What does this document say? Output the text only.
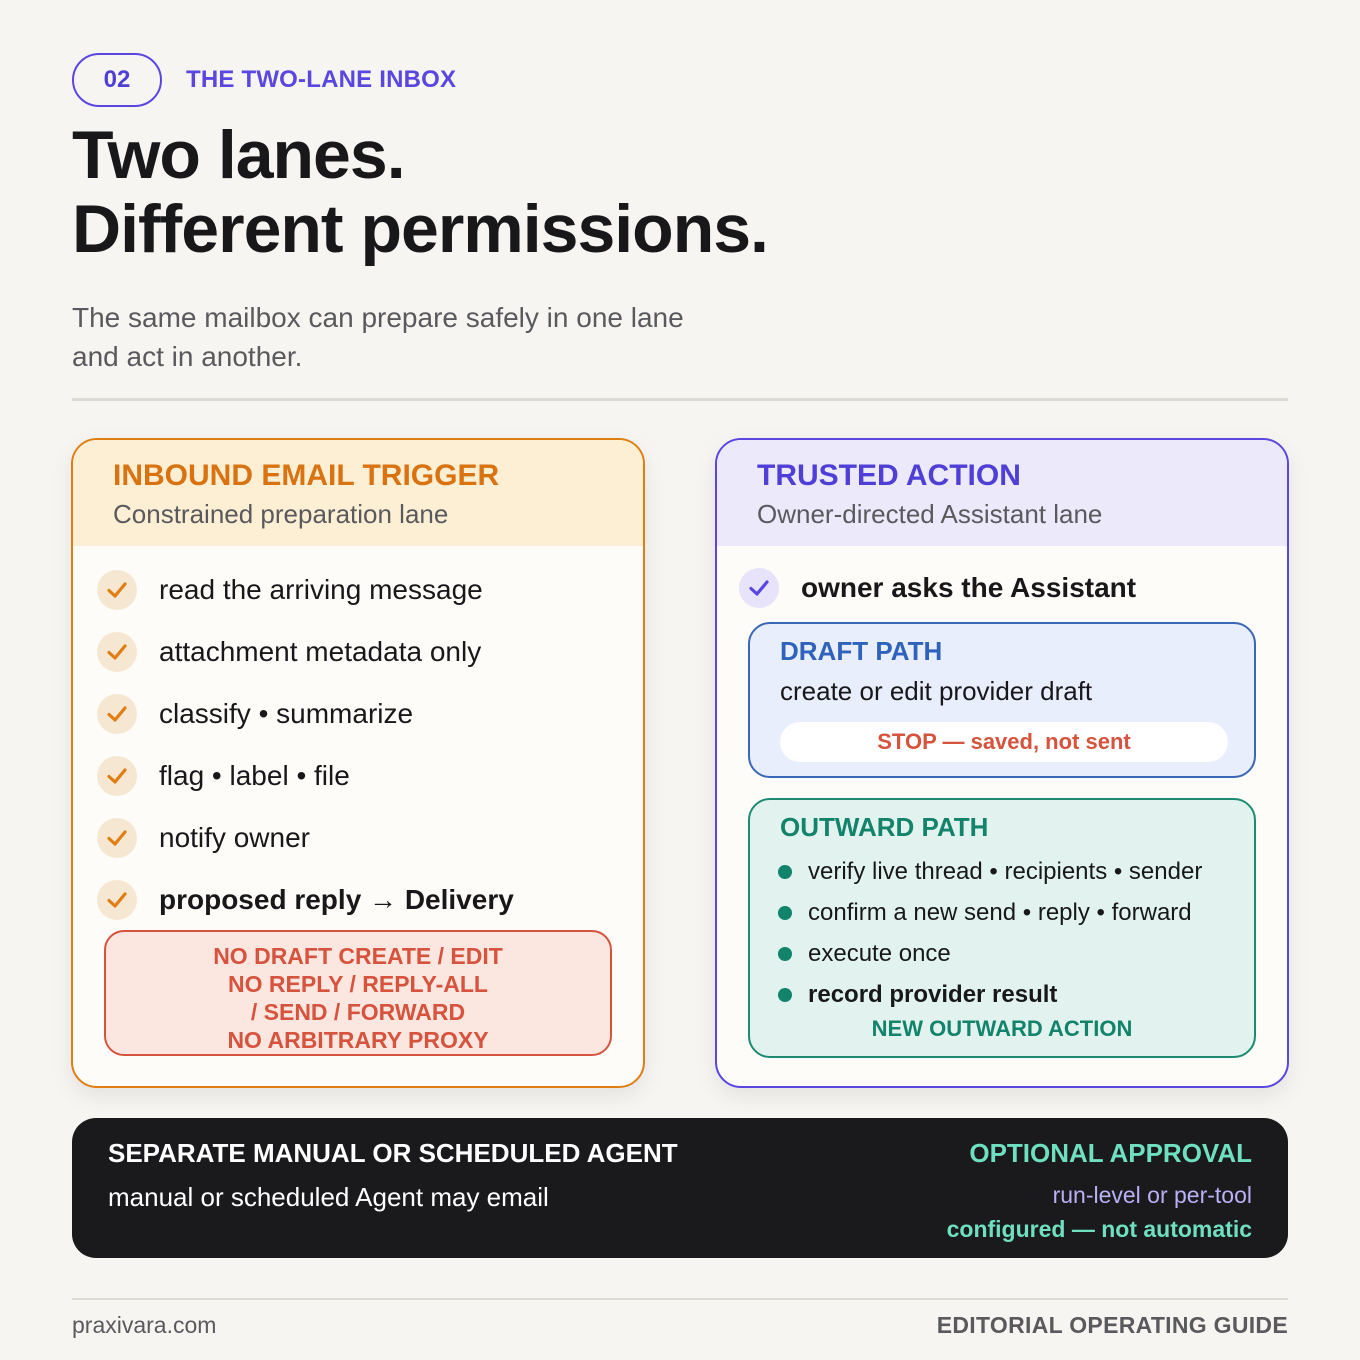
02	THE TWO-LANE INBOX
Two lanes.
Different permissions.
The same mailbox can prepare safely in one lane
and act in another.
INBOUND EMAIL TRIGGER
Constrained preparation lane
read the arriving message
attachment metadata only
classify • summarize
flag • label • file
notify owner
proposed reply → Delivery
NO DRAFT CREATE / EDIT
NO REPLY / REPLY-ALL
/ SEND / FORWARD
NO ARBITRARY PROXY
TRUSTED ACTION
Owner-directed Assistant lane
owner asks the Assistant
DRAFT PATH
create or edit provider draft
STOP — saved, not sent
OUTWARD PATH
verify live thread • recipients • sender
confirm a new send • reply • forward
execute once
record provider result
NEW OUTWARD ACTION
SEPARATE MANUAL OR SCHEDULED AGENT
manual or scheduled Agent may email
OPTIONAL APPROVAL
run-level or per-tool
configured — not automatic
praxivara.com	EDITORIAL OPERATING GUIDE
